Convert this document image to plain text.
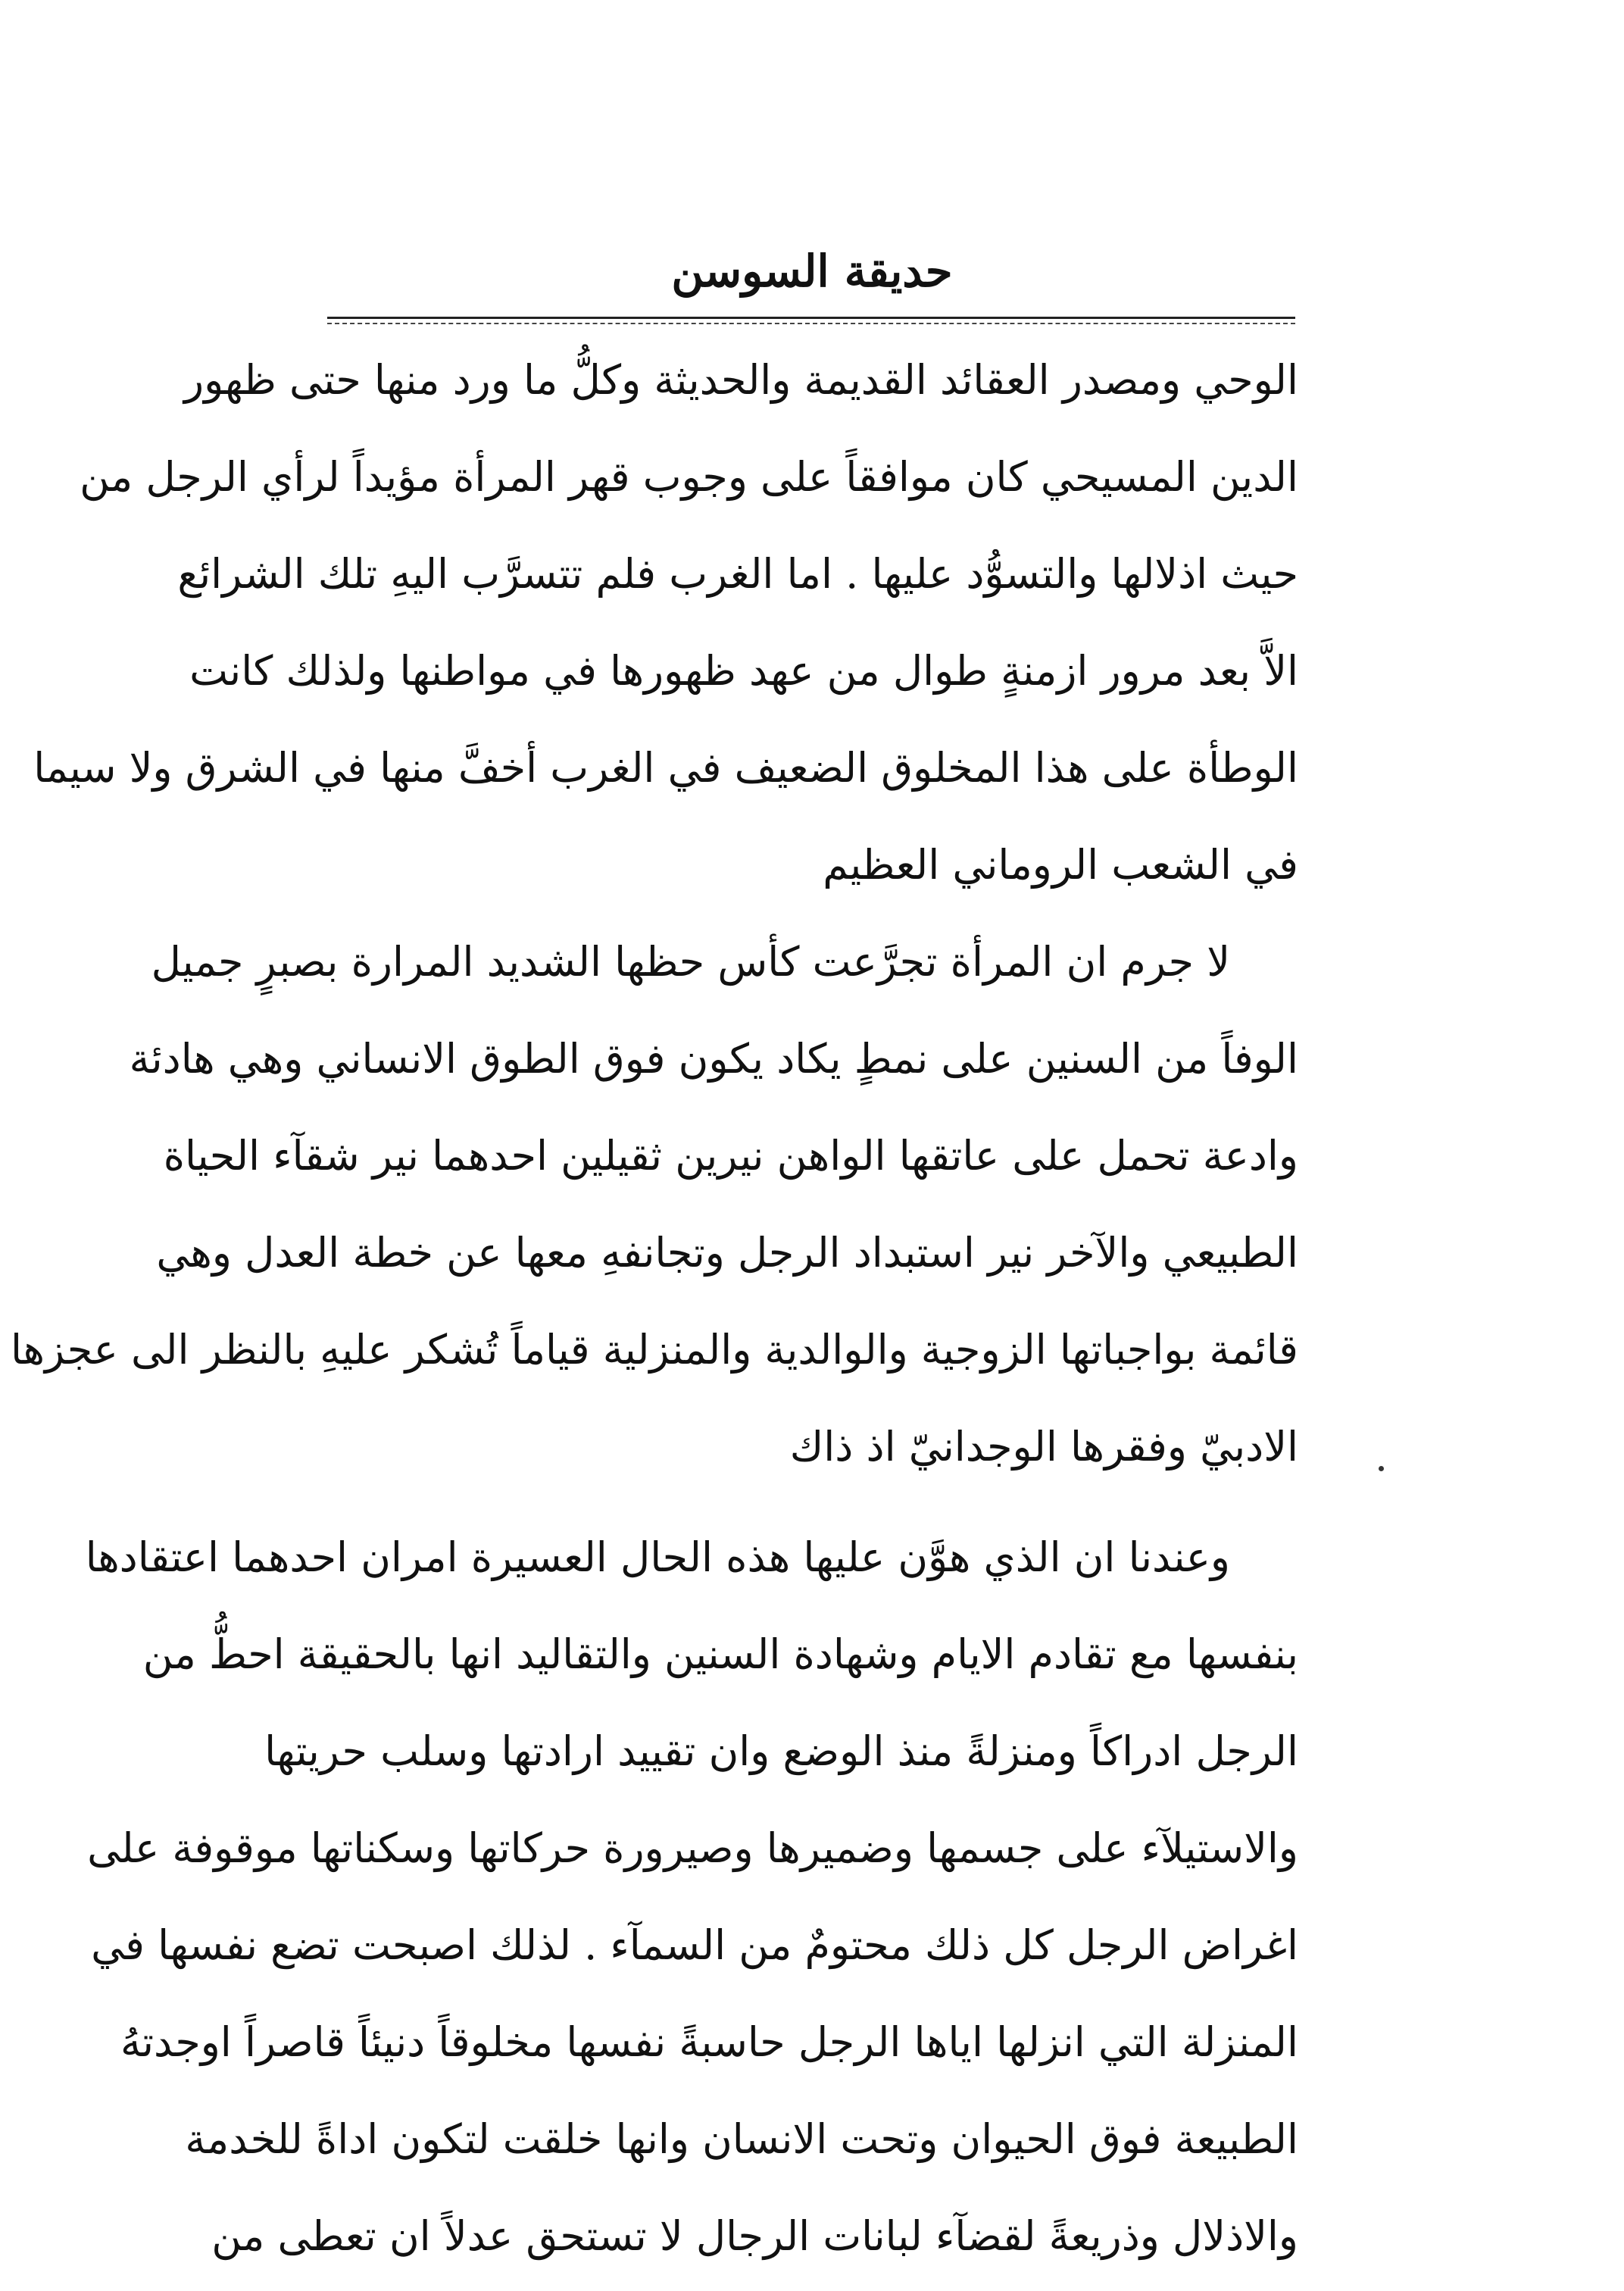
حديقة السوسن
الوحي ومصدر العقائد القديمة والحديثة وكلُّ ما ورد منها حتى ظهور
الدين المسيحي كان موافقاً على وجوب قهر المرأة مؤيداً لرأي الرجل من
حيث اذلالها والتسوُّد عليها . اما الغرب فلم تتسرَّب اليهِ تلك الشرائع
الاَّ بعد مرور ازمنةٍ طوال من عهد ظهورها في مواطنها ولذلك كانت
الوطأة على هذا المخلوق الضعيف في الغرب أخفَّ منها في الشرق ولا سيما
في الشعب الروماني العظيم
لا جرم ان المرأة تجرَّعت كأس حظها الشديد المرارة بصبرٍ جميل
الوفاً من السنين على نمطٍ يكاد يكون فوق الطوق الانساني وهي هادئة
وادعة تحمل على عاتقها الواهن نيرين ثقيلين احدهما نير شقآء الحياة
الطبيعي والآخر نير استبداد الرجل وتجانفهِ معها عن خطة العدل وهي
قائمة بواجباتها الزوجية والوالدية والمنزلية قياماً تُشكر عليهِ بالنظر الى عجزها
الادبيّ وفقرها الوجدانيّ اذ ذاك
وعندنا ان الذي هوَّن عليها هذه الحال العسيرة امران احدهما اعتقادها
بنفسها مع تقادم الايام وشهادة السنين والتقاليد انها بالحقيقة احطُّ من
الرجل ادراكاً ومنزلةً منذ الوضع وان تقييد ارادتها وسلب حريتها
والاستيلآء على جسمها وضميرها وصيرورة حركاتها وسكناتها موقوفة على
اغراض الرجل كل ذلك محتومٌ من السمآء . لذلك اصبحت تضع نفسها في
المنزلة التي انزلها اياها الرجل حاسبةً نفسها مخلوقاً دنيئاً قاصراً اوجدتهُ
الطبيعة فوق الحيوان وتحت الانسان وانها خلقت لتكون اداةً للخدمة
والاذلال وذريعةً لقضآء لبانات الرجال لا تستحق عدلاً ان تعطى من
